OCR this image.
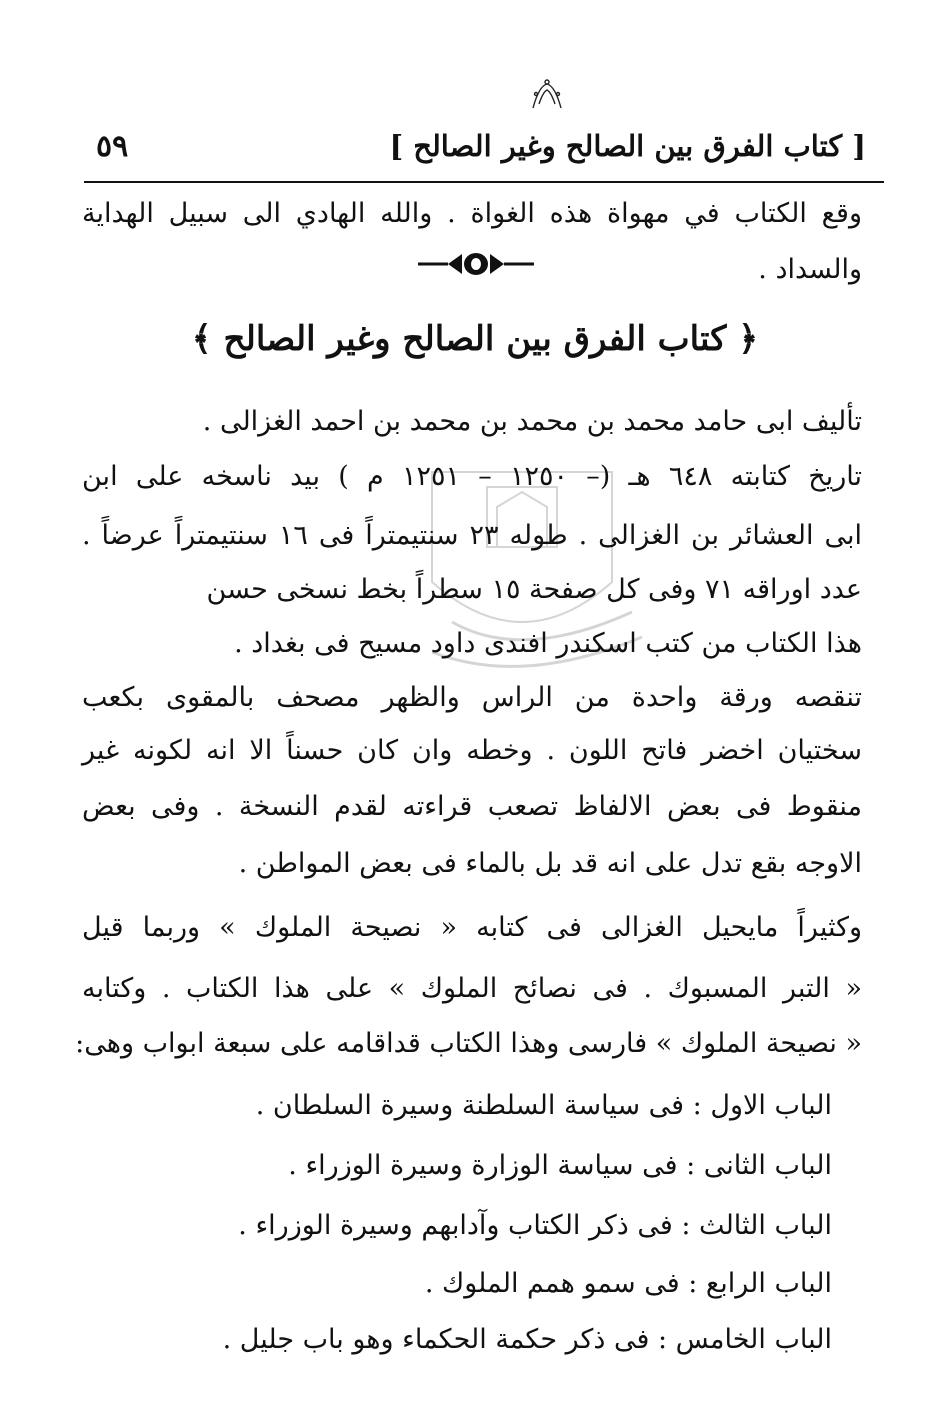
٥٩	[ كتاب الفرق بين الصالح وغير الصالح ]
وقع الكتاب في مهواة هذه الغواة . والله الهادي الى سبيل الهداية
والسداد .
﴿ كتاب الفرق بين الصالح وغير الصالح ﴾
تأليف ابى حامد محمد بن محمد بن محمد بن احمد الغزالى .
تاريخ كتابته ٦٤٨ هـ (– ١٢٥٠ – ١٢٥١ م ) بيد ناسخه على ابن
ابى العشائر بن الغزالى . طوله ٢٣ سنتيمتراً فى ١٦ سنتيمتراً عرضاً .
عدد اوراقه ٧١ وفى كل صفحة ١٥ سطراً بخط نسخى حسن
هذا الكتاب من كتب اسكندر افندى داود مسيح فى بغداد .
تنقصه ورقة واحدة من الراس والظهر مصحف بالمقوى بكعب
سختيان اخضر فاتح اللون . وخطه وان كان حسناً الا انه لكونه غير
منقوط فى بعض الالفاظ تصعب قراءته لقدم النسخة . وفى بعض
الاوجه بقع تدل على انه قد بل بالماء فى بعض المواطن .
وكثيراً مايحيل الغزالى فى كتابه « نصيحة الملوك » وربما قيل
« التبر المسبوك . فى نصائح الملوك » على هذا الكتاب . وكتابه
« نصيحة الملوك » فارسى وهذا الكتاب قداقامه على سبعة ابواب وهى:
الباب الاول : فى سياسة السلطنة وسيرة السلطان .
الباب الثانى : فى سياسة الوزارة وسيرة الوزراء .
الباب الثالث : فى ذكر الكتاب وآدابهم وسيرة الوزراء .
الباب الرابع : فى سمو همم الملوك .
الباب الخامس : فى ذكر حكمة الحكماء وهو باب جليل .
